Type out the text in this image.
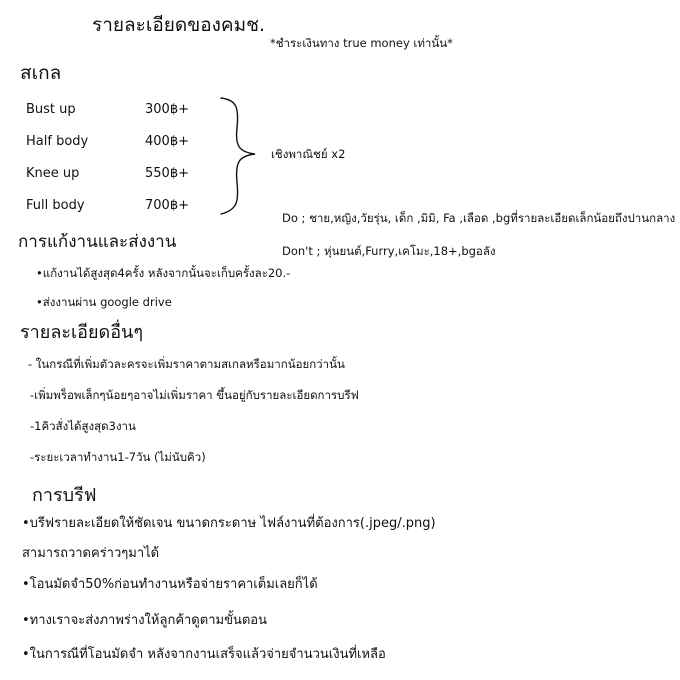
รายละเอียดของคมช.
*ชำระเงินทาง true money เท่านั้น*
สเกล
Bust up	300฿+
Half body	400฿+
Knee up	550฿+
Full body	700฿+
เชิงพาณิชย์ x2
Do ; ชาย,หญิง,วัยรุ่น, เด็ก ,มิมิ, Fa ,เลือด ,bgที่รายละเอียดเล็กน้อยถึงปานกลาง
Don't ; หุ่นยนต์,Furry,เคโมะ,18+,bgอลัง
การแก้งานและส่งงาน
•แก้งานได้สูงสุด4ครั้ง หลังจากนั้นจะเก็บครั้งละ20.-
•ส่งงานผ่าน google drive
รายละเอียดอื่นๆ
- ในกรณีที่เพิ่มตัวละครจะเพิ่มราคาตามสเกลหรือมากน้อยกว่านั้น
-เพิ่มพร็อพเล็กๆน้อยๆอาจไม่เพิ่มราคา ขึ้นอยู่กับรายละเอียดการบรีฟ
-1คิวสั่งได้สูงสุด3งาน
-ระยะเวลาทำงาน1-7วัน (ไม่นับคิว)
การบรีฟ
•บรีฟรายละเอียดให้ชัดเจน ขนาดกระดาษ ไฟล์งานที่ต้องการ(.jpeg/.png)
สามารถวาดคร่าวๆมาได้
•โอนมัดจำ50%ก่อนทำงานหรือจ่ายราคาเต็มเลยก็ได้
•ทางเราจะส่งภาพร่างให้ลูกค้าดูตามขั้นตอน
•ในการณีที่โอนมัดจำ หลังจากงานเสร็จแล้วจ่ายจำนวนเงินที่เหลือ
